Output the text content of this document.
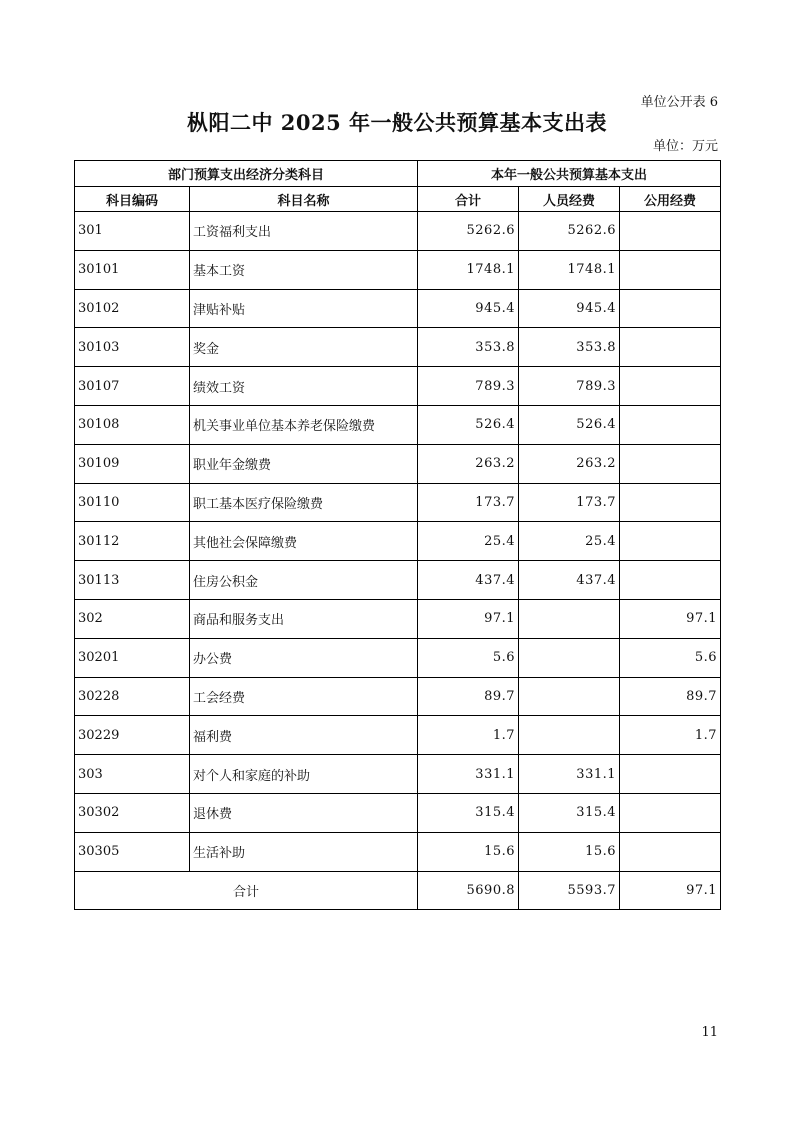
单位公开表 6
枞阳二中 2025 年一般公共预算基本支出表
单位：万元
部门预算支出经济分类科目		本年一般公共预算基本支出		
科目编码	科目名称	合计	人员经费	公用经费
301	工资福利支出	5262.6	5262.6	
30101	基本工资	1748.1	1748.1	
30102	津贴补贴	945.4	945.4	
30103	奖金	353.8	353.8	
30107	绩效工资	789.3	789.3	
30108	机关事业单位基本养老保险缴费	526.4	526.4	
30109	职业年金缴费	263.2	263.2	
30110	职工基本医疗保险缴费	173.7	173.7	
30112	其他社会保障缴费	25.4	25.4	
30113	住房公积金	437.4	437.4	
302	商品和服务支出	97.1		97.1
30201	办公费	5.6		5.6
30228	工会经费	89.7		89.7
30229	福利费	1.7		1.7
303	对个人和家庭的补助	331.1	331.1	
30302	退休费	315.4	315.4	
30305	生活补助	15.6	15.6	
合计		5690.8	5593.7	97.1
11
